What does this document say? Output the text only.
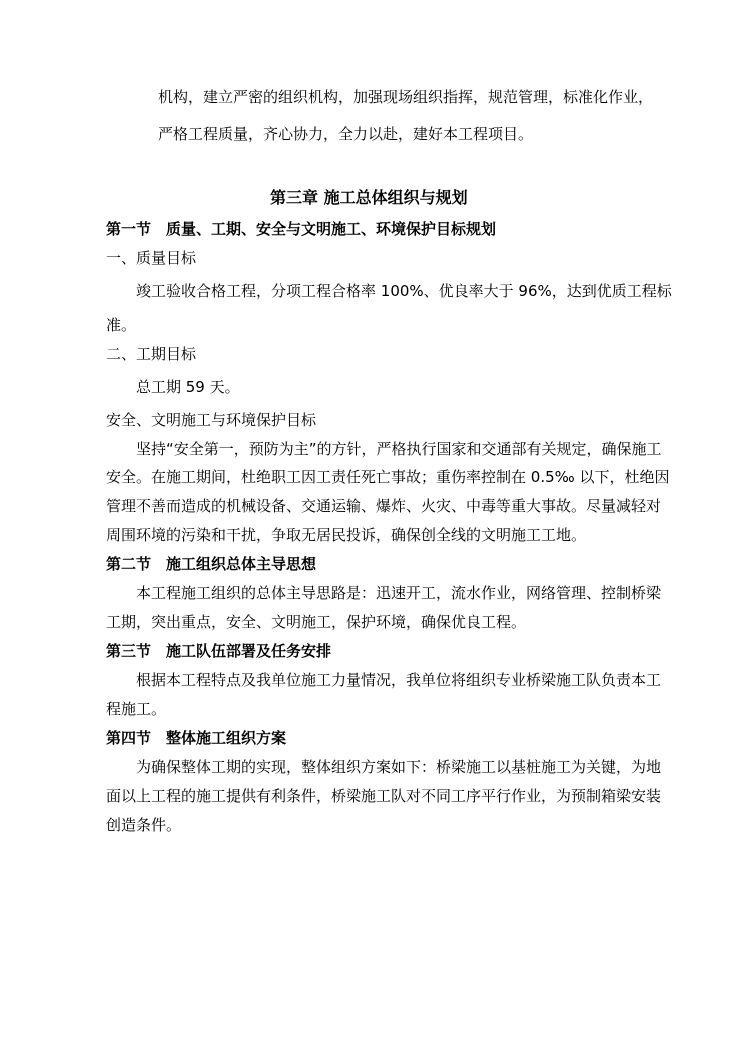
机构，建立严密的组织机构，加强现场组织指挥，规范管理，标准化作业，
严格工程质量，齐心协力，全力以赴，建好本工程项目。
第三章 施工总体组织与规划
第一节　质量、工期、安全与文明施工、环境保护目标规划
一、质量目标
竣工验收合格工程，分项工程合格率 100%、优良率大于 96%，达到优质工程标
准。
二、工期目标
总工期 59 天。
安全、文明施工与环境保护目标
坚持“安全第一，预防为主”的方针，严格执行国家和交通部有关规定，确保施工
安全。在施工期间，杜绝职工因工责任死亡事故；重伤率控制在 0.5‰ 以下，杜绝因
管理不善而造成的机械设备、交通运输、爆炸、火灾、中毒等重大事故。尽量减轻对
周围环境的污染和干扰，争取无居民投诉，确保创全线的文明施工工地。
第二节　施工组织总体主导思想
本工程施工组织的总体主导思路是：迅速开工，流水作业，网络管理、控制桥梁
工期，突出重点，安全、文明施工，保护环境，确保优良工程。
第三节　施工队伍部署及任务安排
根据本工程特点及我单位施工力量情况，我单位将组织专业桥梁施工队负责本工
程施工。
第四节　整体施工组织方案
为确保整体工期的实现，整体组织方案如下：桥梁施工以基桩施工为关键，为地
面以上工程的施工提供有利条件，桥梁施工队对不同工序平行作业，为预制箱梁安装
创造条件。
